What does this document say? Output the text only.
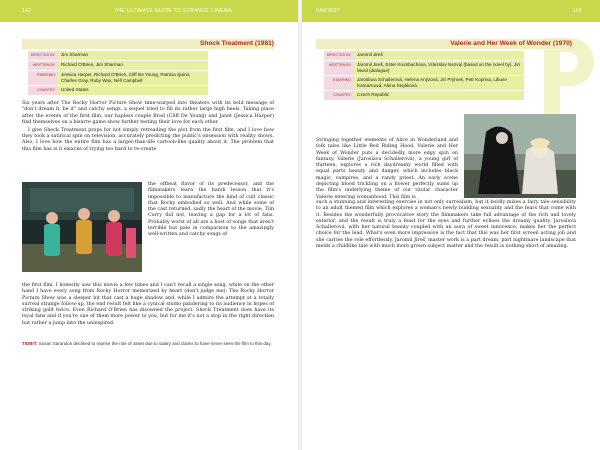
142	THE ULTIMATE GUIDE TO STRANGE CINEMA
Shock Treatment (1981)
DIRECTED BY	Jim Sharman
WRITTEN BY	Richard O'Brien, Jim Sharman
STARRING	Jessica Harper, Richard O'Brien, Cliff De Young, Patricia Quinn, Charles Gray, Ruby Wax, Nell Campbell
COUNTRY	United States

Six years after The Rocky Horror Picture Show time-warped into theaters with its bold message of "don't dream it, be it" and catchy songs, a sequel tried to fill its rather large high heels. Taking place after the events of the first film, our hapless couple Brad (Cliff De Young) and Janet (Jessica Harper) find themselves on a bizarre game show further testing their love for each other.

I give Shock Treatment props for not simply retreading the plot from the first film, and I love how they took a satirical spin on television, accurately predicting the public's obsession with reality shows. Also, I love how the entire film has a larger-than-life cartoon-like quality about it. The problem that this film has is it smacks of trying too hard to re-create

the offbeat flavor of its predecessor, and the filmmakers learn the harsh lesson that it's impossible to manufacture the kind of cult classic that Rocky embodied so well. And while some of the cast returned, sadly the heart of the movie, Tim Curry did not, leaving a gap for a lot of fans. Probably worst of all are a host of songs that aren't terrible but pale in comparison to the amazingly well-written and catchy songs of

the first film. I honestly saw this movie a few times and I can't recall a single song, while on the other hand I have every song from Rocky Horror memorized by heart (don't judge me). The Rocky Horror Picture Show was a sleeper hit that cast a huge shadow and, while I admire the attempt at a totally surreal strange follow-up, the end result felt like a cynical studio pandering to its audience in hopes of striking gold twice. Even Richard O'Brien has disowned the project. Shock Treatment does have its loyal fans and if you're one of them more power to you, but for me it's not a stop in the right direction but rather a jump into the uninspired.

TIDBIT: Susan Sarandon declined to reprise the role of Janet due to salary and claims to have never seen the film to this day.
FANTASY	145
Valerie and Her Week of Wonder (1970)
DIRECTED BY	Jaromil Jireš
WRITTEN BY	Jaromil Jireš, Ester Krumbachova, Vítezslav Nezval (based on the novel by), Jiri Musil (dialogue)
STARRING	Jaroslava Schallerová, Helena Anýzová, Jiri Prýmek, Petr Kopriva, Libuse Komancová, Alena Stojáková
COUNTRY	Czech Republic

Stringing together elements of Alice in Wonderland and folk tales like Little Red Riding Hood, Valerie and Her Week of Wonder puts a decidedly more edgy spin on fantasy. Valerie (Jaroslava Schallerová), a young girl of thirteen, explores a rich daydreamy world filled with equal parts beauty and danger, which includes black magic, vampires, and a randy priest. An early scene depicting blood trickling on a flower perfectly sums up the film's underlying theme of our titular character Valerie entering womanhood. This film is

such a stunning and interesting exercise in not only surrealism, but it boldly mixes a fairy tale sensibility to an adult themed film which explores a woman's newly budding sexuality and the fears that come with it. Besides the wonderfully provocative story the filmmakers take full advantage of the rich and lovely exterior, and the result is truly a feast for the eyes and further echoes the dreamy quality. Jaroslava Schallerová, with her natural beauty coupled with an aura of sweet innocence, makes her the perfect choice for the lead. What's even more impressive is the fact that this was her first screen acting job and she carries the role effortlessly. Jaromil Jireš' master work is a part dream, part nightmare landscape that melds a childlike tale with much more grown subject matter and the result is nothing short of amazing.
